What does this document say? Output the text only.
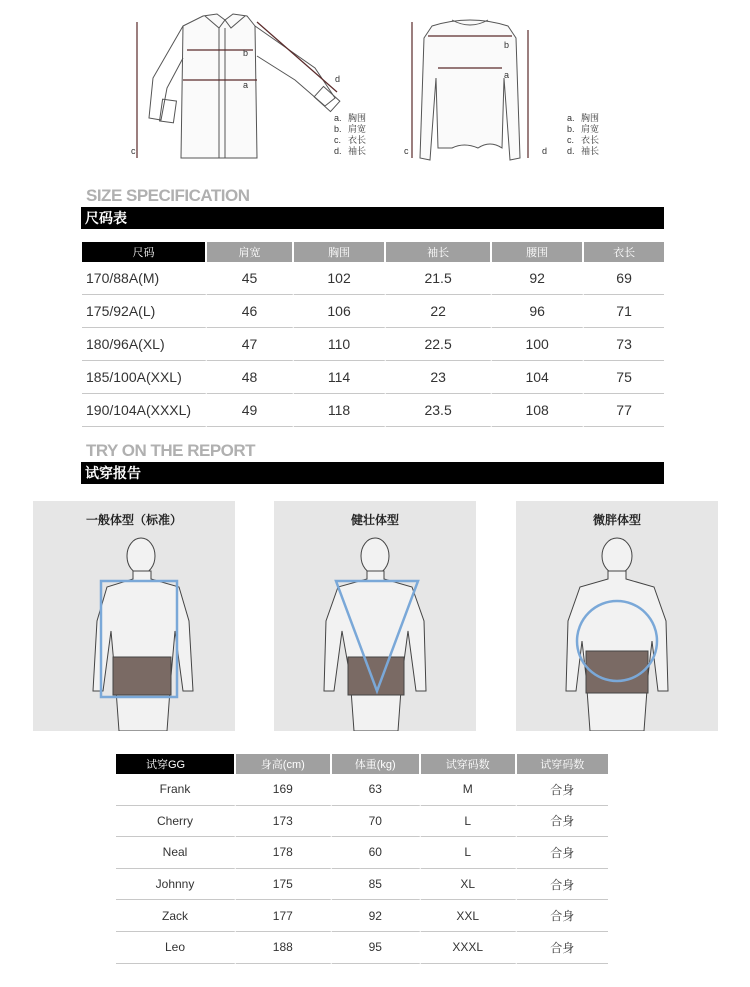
b
a
c
d
a. 胸围
b. 肩宽
c. 衣长
d. 袖长
b
a
c	d
a. 胸围
b. 肩宽
c. 衣长
d. 袖长
SIZE SPECIFICATION
尺码表
尺码	肩宽	胸围	袖长	腰围	衣长
170/88A(M)	45	102	21.5	92	69
175/92A(L)	46	106	22	96	71
180/96A(XL)	47	110	22.5	100	73
185/100A(XXL)	48	114	23	104	75
190/104A(XXXL)	49	118	23.5	108	77
TRY ON THE REPORT
试穿报告
一般体型（标准）	健壮体型	微胖体型
试穿GG	身高(cm)	体重(kg)	试穿码数	试穿码数
Frank	169	63	M	合身
Cherry	173	70	L	合身
Neal	178	60	L	合身
Johnny	175	85	XL	合身
Zack	177	92	XXL	合身
Leo	188	95	XXXL	合身
